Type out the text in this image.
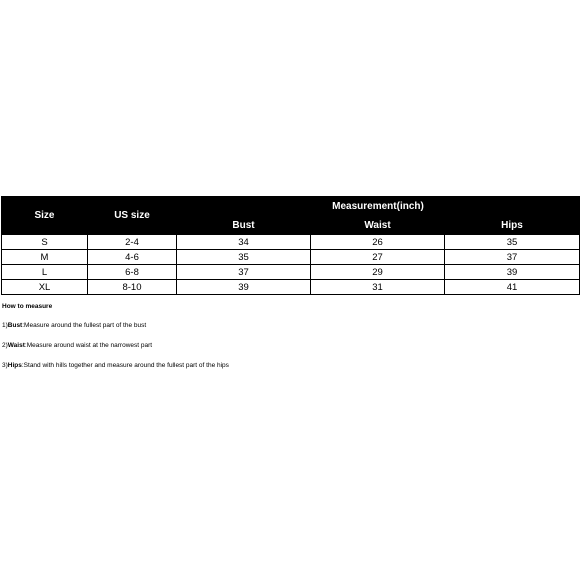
Size	US size	Measurement(inch)		
		Bust	Waist	Hips
S	2-4	34	26	35
M	4-6	35	27	37
L	6-8	37	29	39
XL	8-10	39	31	41
How to measure
1)Bust:Measure around the fullest part of the bust
2)Waist:Measure around waist at the narrowest part
3)Hips:Stand with hills together and measure around the fullest part of the hips
